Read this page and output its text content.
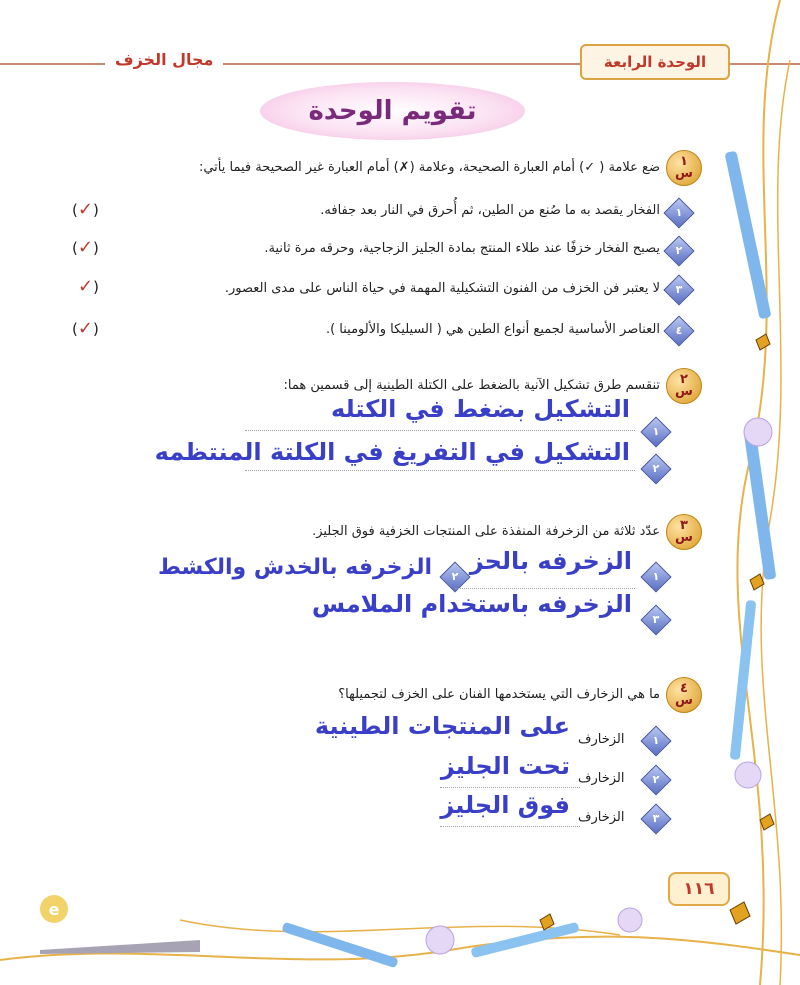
مجال الخزف	الوحدة الرابعة
تقويم الوحدة
١
س
ضع علامة ( ✓) أمام العبارة الصحيحة، وعلامة (✗) أمام العبارة غير الصحيحة فيما يأتي:
١
الفخار يقصد به ما صُنع من الطين، ثم أُحرق في النار بعد جفافه.
(✓)
٢
يصبح الفخار خزفًا عند طلاء المنتج بمادة الجليز الزجاجية، وحرقه مرة ثانية.
(✓)
٣
لا يعتبر فن الخزف من الفنون التشكيلية المهمة في حياة الناس على مدى العصور.
✓)
٤
العناصر الأساسية لجميع أنواع الطين هي ( السيليكا والألومينا ).
(✓)
٢
س
تنقسم طرق تشكيل الآنية بالضغط على الكتلة الطينية إلى قسمين هما:
١
التشكيل بضغط في الكتله
٢
التشكيل في التفريغ في الكلتة المنتظمه
٣
س
عدّد ثلاثة من الزخرفة المنفذة على المنتجات الخزفية فوق الجليز.
١
الزخرفه بالحز
٢
الزخرفه بالخدش والكشط
٣
الزخرفه باستخدام الملامس
٤
س
ما هي الزخارف التي يستخدمها الفنان على الخزف لتجميلها؟
١
الزخارف
على المنتجات الطينية
٢
الزخارف
تحت الجليز
٣
الزخارف
فوق الجليز
١١٦
e
